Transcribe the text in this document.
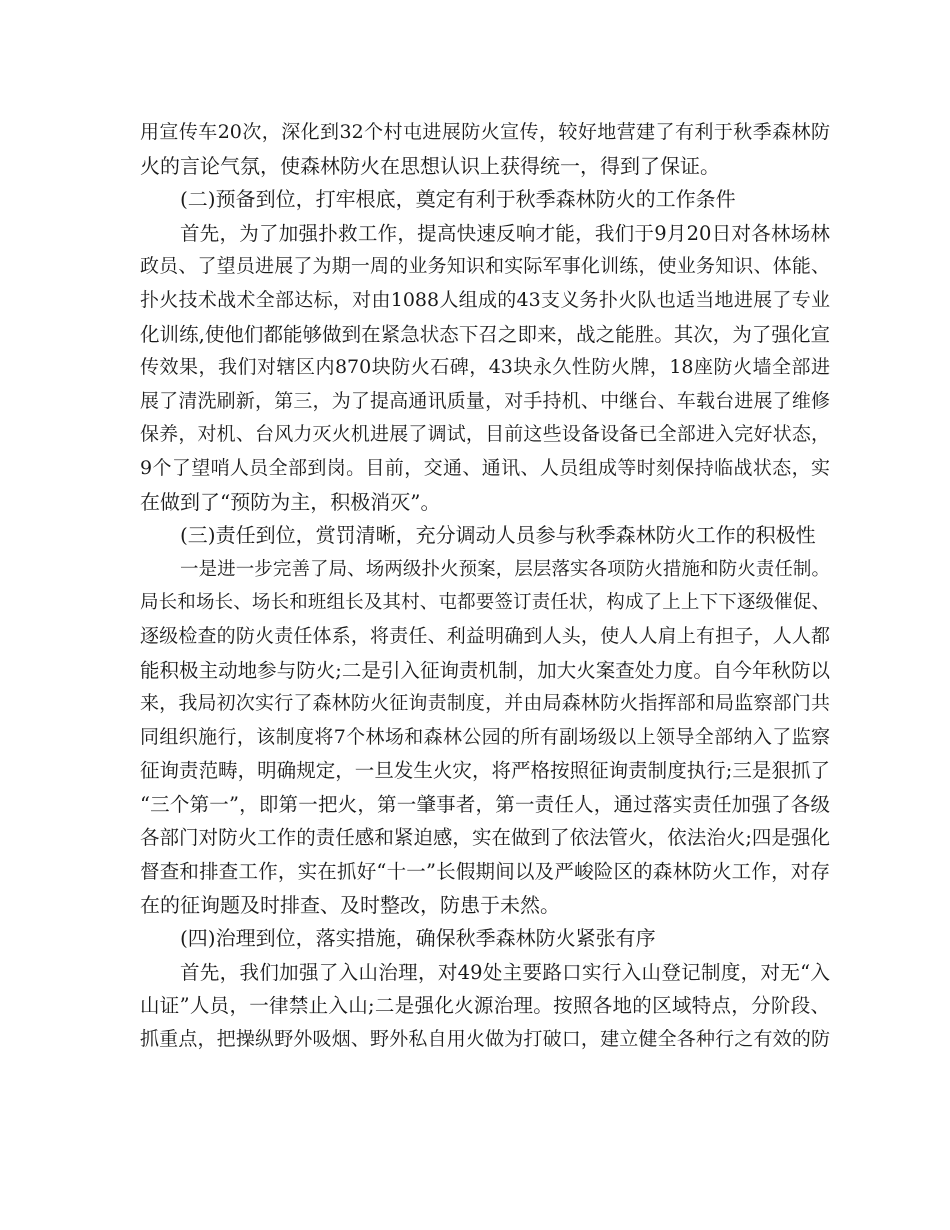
用宣传车20次，深化到32个村屯进展防火宣传，较好地营建了有利于秋季森林防
火的言论气氛，使森林防火在思想认识上获得统一，得到了保证。
(二)预备到位，打牢根底，奠定有利于秋季森林防火的工作条件
首先，为了加强扑救工作，提高快速反响才能，我们于9月20日对各林场林
政员、了望员进展了为期一周的业务知识和实际军事化训练，使业务知识、体能、
扑火技术战术全部达标，对由1088人组成的43支义务扑火队也适当地进展了专业
化训练,使他们都能够做到在紧急状态下召之即来，战之能胜。其次，为了强化宣
传效果，我们对辖区内870块防火石碑，43块永久性防火牌，18座防火墙全部进
展了清洗刷新，第三，为了提高通讯质量，对手持机、中继台、车载台进展了维修
保养，对机、台风力灭火机进展了调试，目前这些设备设备已全部进入完好状态，
9个了望哨人员全部到岗。目前，交通、通讯、人员组成等时刻保持临战状态，实
在做到了“预防为主，积极消灭”。
(三)责任到位，赏罚清晰，充分调动人员参与秋季森林防火工作的积极性
一是进一步完善了局、场两级扑火预案，层层落实各项防火措施和防火责任制。
局长和场长、场长和班组长及其村、屯都要签订责任状，构成了上上下下逐级催促、
逐级检查的防火责任体系，将责任、利益明确到人头，使人人肩上有担子，人人都
能积极主动地参与防火;二是引入征询责机制，加大火案查处力度。自今年秋防以
来，我局初次实行了森林防火征询责制度，并由局森林防火指挥部和局监察部门共
同组织施行，该制度将7个林场和森林公园的所有副场级以上领导全部纳入了监察
征询责范畴，明确规定，一旦发生火灾，将严格按照征询责制度执行;三是狠抓了
“三个第一”，即第一把火，第一肇事者，第一责任人，通过落实责任加强了各级
各部门对防火工作的责任感和紧迫感，实在做到了依法管火，依法治火;四是强化
督查和排查工作，实在抓好“十一”长假期间以及严峻险区的森林防火工作，对存
在的征询题及时排查、及时整改，防患于未然。
(四)治理到位，落实措施，确保秋季森林防火紧张有序
首先，我们加强了入山治理，对49处主要路口实行入山登记制度，对无“入
山证”人员，一律禁止入山;二是强化火源治理。按照各地的区域特点，分阶段、
抓重点，把操纵野外吸烟、野外私自用火做为打破口，建立健全各种行之有效的防
